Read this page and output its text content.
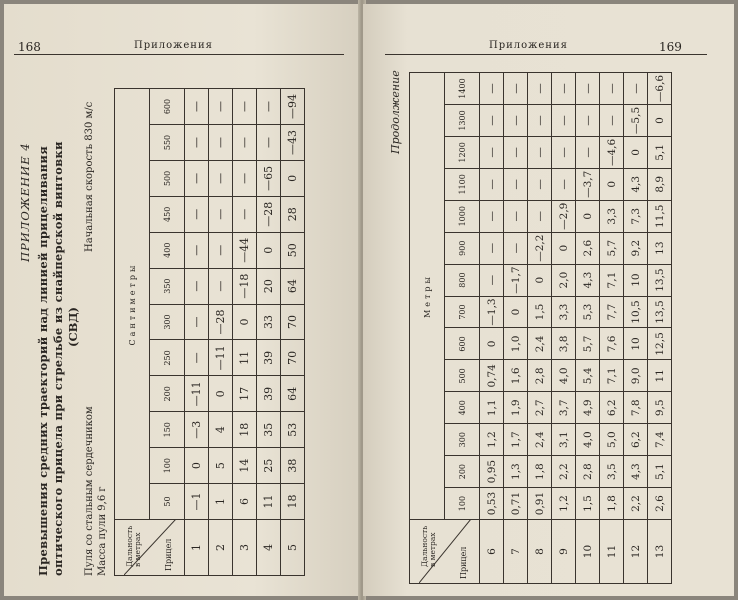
168	Приложения
ПРИЛОЖЕНИЕ 4 Превышения средних траекторий над линией прицеливания оптического прицела при стрельбе из снайперской винтовки (СВД)
Пуля со стальным сердечником
Начальная скорость 830 м/с
Масса пули 9,6 г Дальность в метрах Прицел	Сантиметры											
	50	100	150	200	250	300	350	400	450	500	550	600
1	—1	0	—3	—11	—	—	—	—	—	—	—	—
2	1	5	4	0	—11	—28	—	—	—	—	—	—
3	6	14	18	17	11	0	—18	—44	—	—	—	—
4	11	25	35	39	39	33	20	0	—28	—65	—	—
5	18	38	53	64	70	70	64	50	28	0	—43	—94
Приложения	169
Продолжение
Дальность в метрах Прицел	Метры													
	100	200	300	400	500	600	700	800	900	1000	1100	1200	1300	1400
6	0,53	0,95	1,2	1,1	0,74	0	—1,3	—	—	—	—	—	—	—
7	0,71	1,3	1,7	1,9	1,6	1,0	0	—1,7	—	—	—	—	—	—
8	0,91	1,8	2,4	2,7	2,8	2,4	1,5	0	—2,2	—	—	—	—	—
9	1,2	2,2	3,1	3,7	4,0	3,8	3,3	2,0	0	—2,9	—	—	—	—
10	1,5	2,8	4,0	4,9	5,4	5,7	5,3	4,3	2,6	0	—3,7	—	—	—
11	1,8	3,5	5,0	6,2	7,1	7,6	7,7	7,1	5,7	3,3	0	—4,6	—	—
12	2,2	4,3	6,2	7,8	9,0	10	10,5	10	9,2	7,3	4,3	0	—5,5	—
13	2,6	5,1	7,4	9,5	11	12,5	13,5	13,5	13	11,5	8,9	5,1	0	—6,6
